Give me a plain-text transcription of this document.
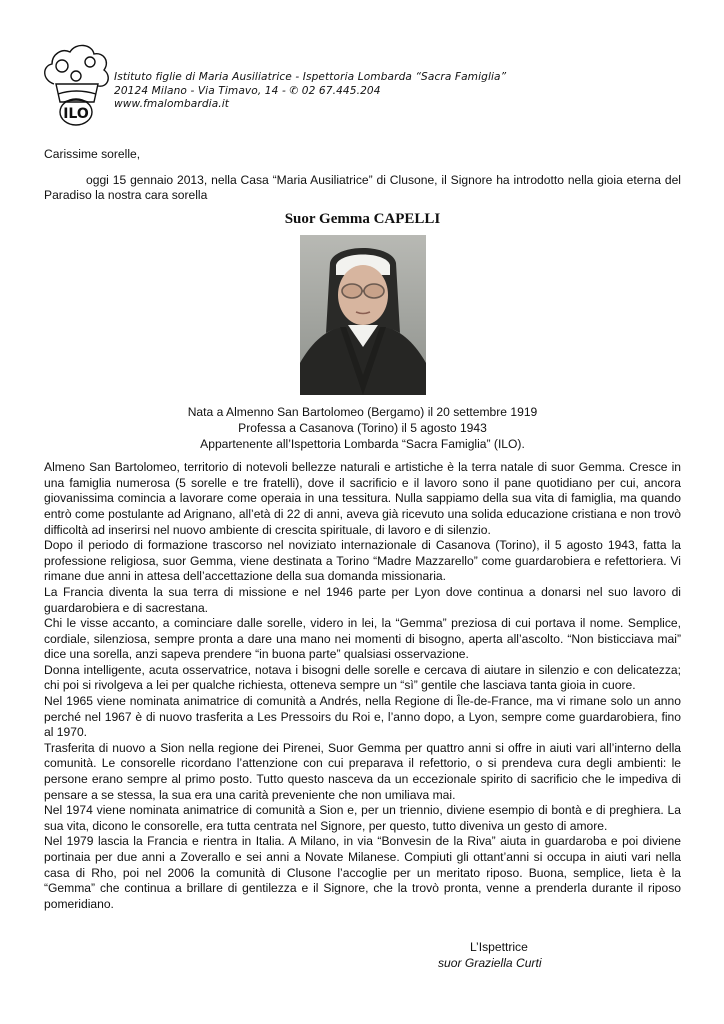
ILO
Istituto figlie di Maria Ausiliatrice - Ispettoria Lombarda “Sacra Famiglia”
20124 Milano - Via Timavo, 14 - ✆ 02 67.445.204
www.fmalombardia.it

Carissime sorelle,

oggi 15 gennaio 2013, nella Casa “Maria Ausiliatrice” di Clusone, il Signore ha introdotto nella gioia eterna del Paradiso la nostra cara sorella

Suor Gemma CAPELLI
Nata a Almenno San Bartolomeo (Bergamo) il 20 settembre 1919
Professa a Casanova (Torino) il 5 agosto 1943
Appartenente all’Ispettoria Lombarda “Sacra Famiglia” (ILO).

Almeno San Bartolomeo, territorio di notevoli bellezze naturali e artistiche è la terra natale di suor Gemma. Cresce in una famiglia numerosa (5 sorelle e tre fratelli), dove il sacrificio e il lavoro sono il pane quotidiano per cui, ancora giovanissima comincia a lavorare come operaia in una tessitura. Nulla sappiamo della sua vita di famiglia, ma quando entrò come postulante ad Arignano, all’età di 22 di anni, aveva già ricevuto una solida educazione cristiana e non trovò difficoltà ad inserirsi nel nuovo ambiente di crescita spirituale, di lavoro e di silenzio.

Dopo il periodo di formazione trascorso nel noviziato internazionale di Casanova (Torino), il 5 agosto 1943, fatta la professione religiosa, suor Gemma, viene destinata a Torino “Madre Mazzarello” come guardarobiera e refettoriera. Vi rimane due anni in attesa dell’accettazione della sua domanda missionaria.

La Francia diventa la sua terra di missione e nel 1946 parte per Lyon dove continua a donarsi nel suo lavoro di guardarobiera e di sacrestana.

Chi le visse accanto, a cominciare dalle sorelle, videro in lei, la “Gemma” preziosa di cui portava il nome. Semplice, cordiale, silenziosa, sempre pronta a dare una mano nei momenti di bisogno, aperta all’ascolto. “Non bisticciava mai” dice una sorella, anzi sapeva prendere “in buona parte” qualsiasi osservazione.

Donna intelligente, acuta osservatrice, notava i bisogni delle sorelle e cercava di aiutare in silenzio e con delicatezza; chi poi si rivolgeva a lei per qualche richiesta, otteneva sempre un “sì” gentile che lasciava tanta gioia in cuore.

Nel 1965 viene nominata animatrice di comunità a Andrés, nella Regione di Île-de-France, ma vi rimane solo un anno perché nel 1967 è di nuovo trasferita a Les Pressoirs du Roi e, l’anno dopo, a Lyon, sempre come guardarobiera, fino al 1970.

Trasferita di nuovo a Sion nella regione dei Pirenei, Suor Gemma per quattro anni si offre in aiuti vari all’interno della comunità. Le consorelle ricordano l’attenzione con cui preparava il refettorio, o si prendeva cura degli ambienti: le persone erano sempre al primo posto. Tutto questo nasceva da un eccezionale spirito di sacrificio che le impediva di pensare a se stessa, la sua era una carità preveniente che non umiliava mai.

Nel 1974 viene nominata animatrice di comunità a Sion e, per un triennio, diviene esempio di bontà e di preghiera. La sua vita, dicono le consorelle, era tutta centrata nel Signore, per questo, tutto diveniva un gesto di amore.

Nel 1979 lascia la Francia e rientra in Italia. A Milano, in via “Bonvesin de la Riva” aiuta in guardaroba e poi diviene portinaia per due anni a Zoverallo e sei anni a Novate Milanese. Compiuti gli ottant’anni si occupa in aiuti vari nella casa di Rho, poi nel 2006 la comunità di Clusone l’accoglie per un meritato riposo. Buona, semplice, lieta è la “Gemma” che continua a brillare di gentilezza e il Signore, che la trovò pronta, venne a prenderla durante il riposo pomeridiano.

L’Ispettrice
suor Graziella Curti
